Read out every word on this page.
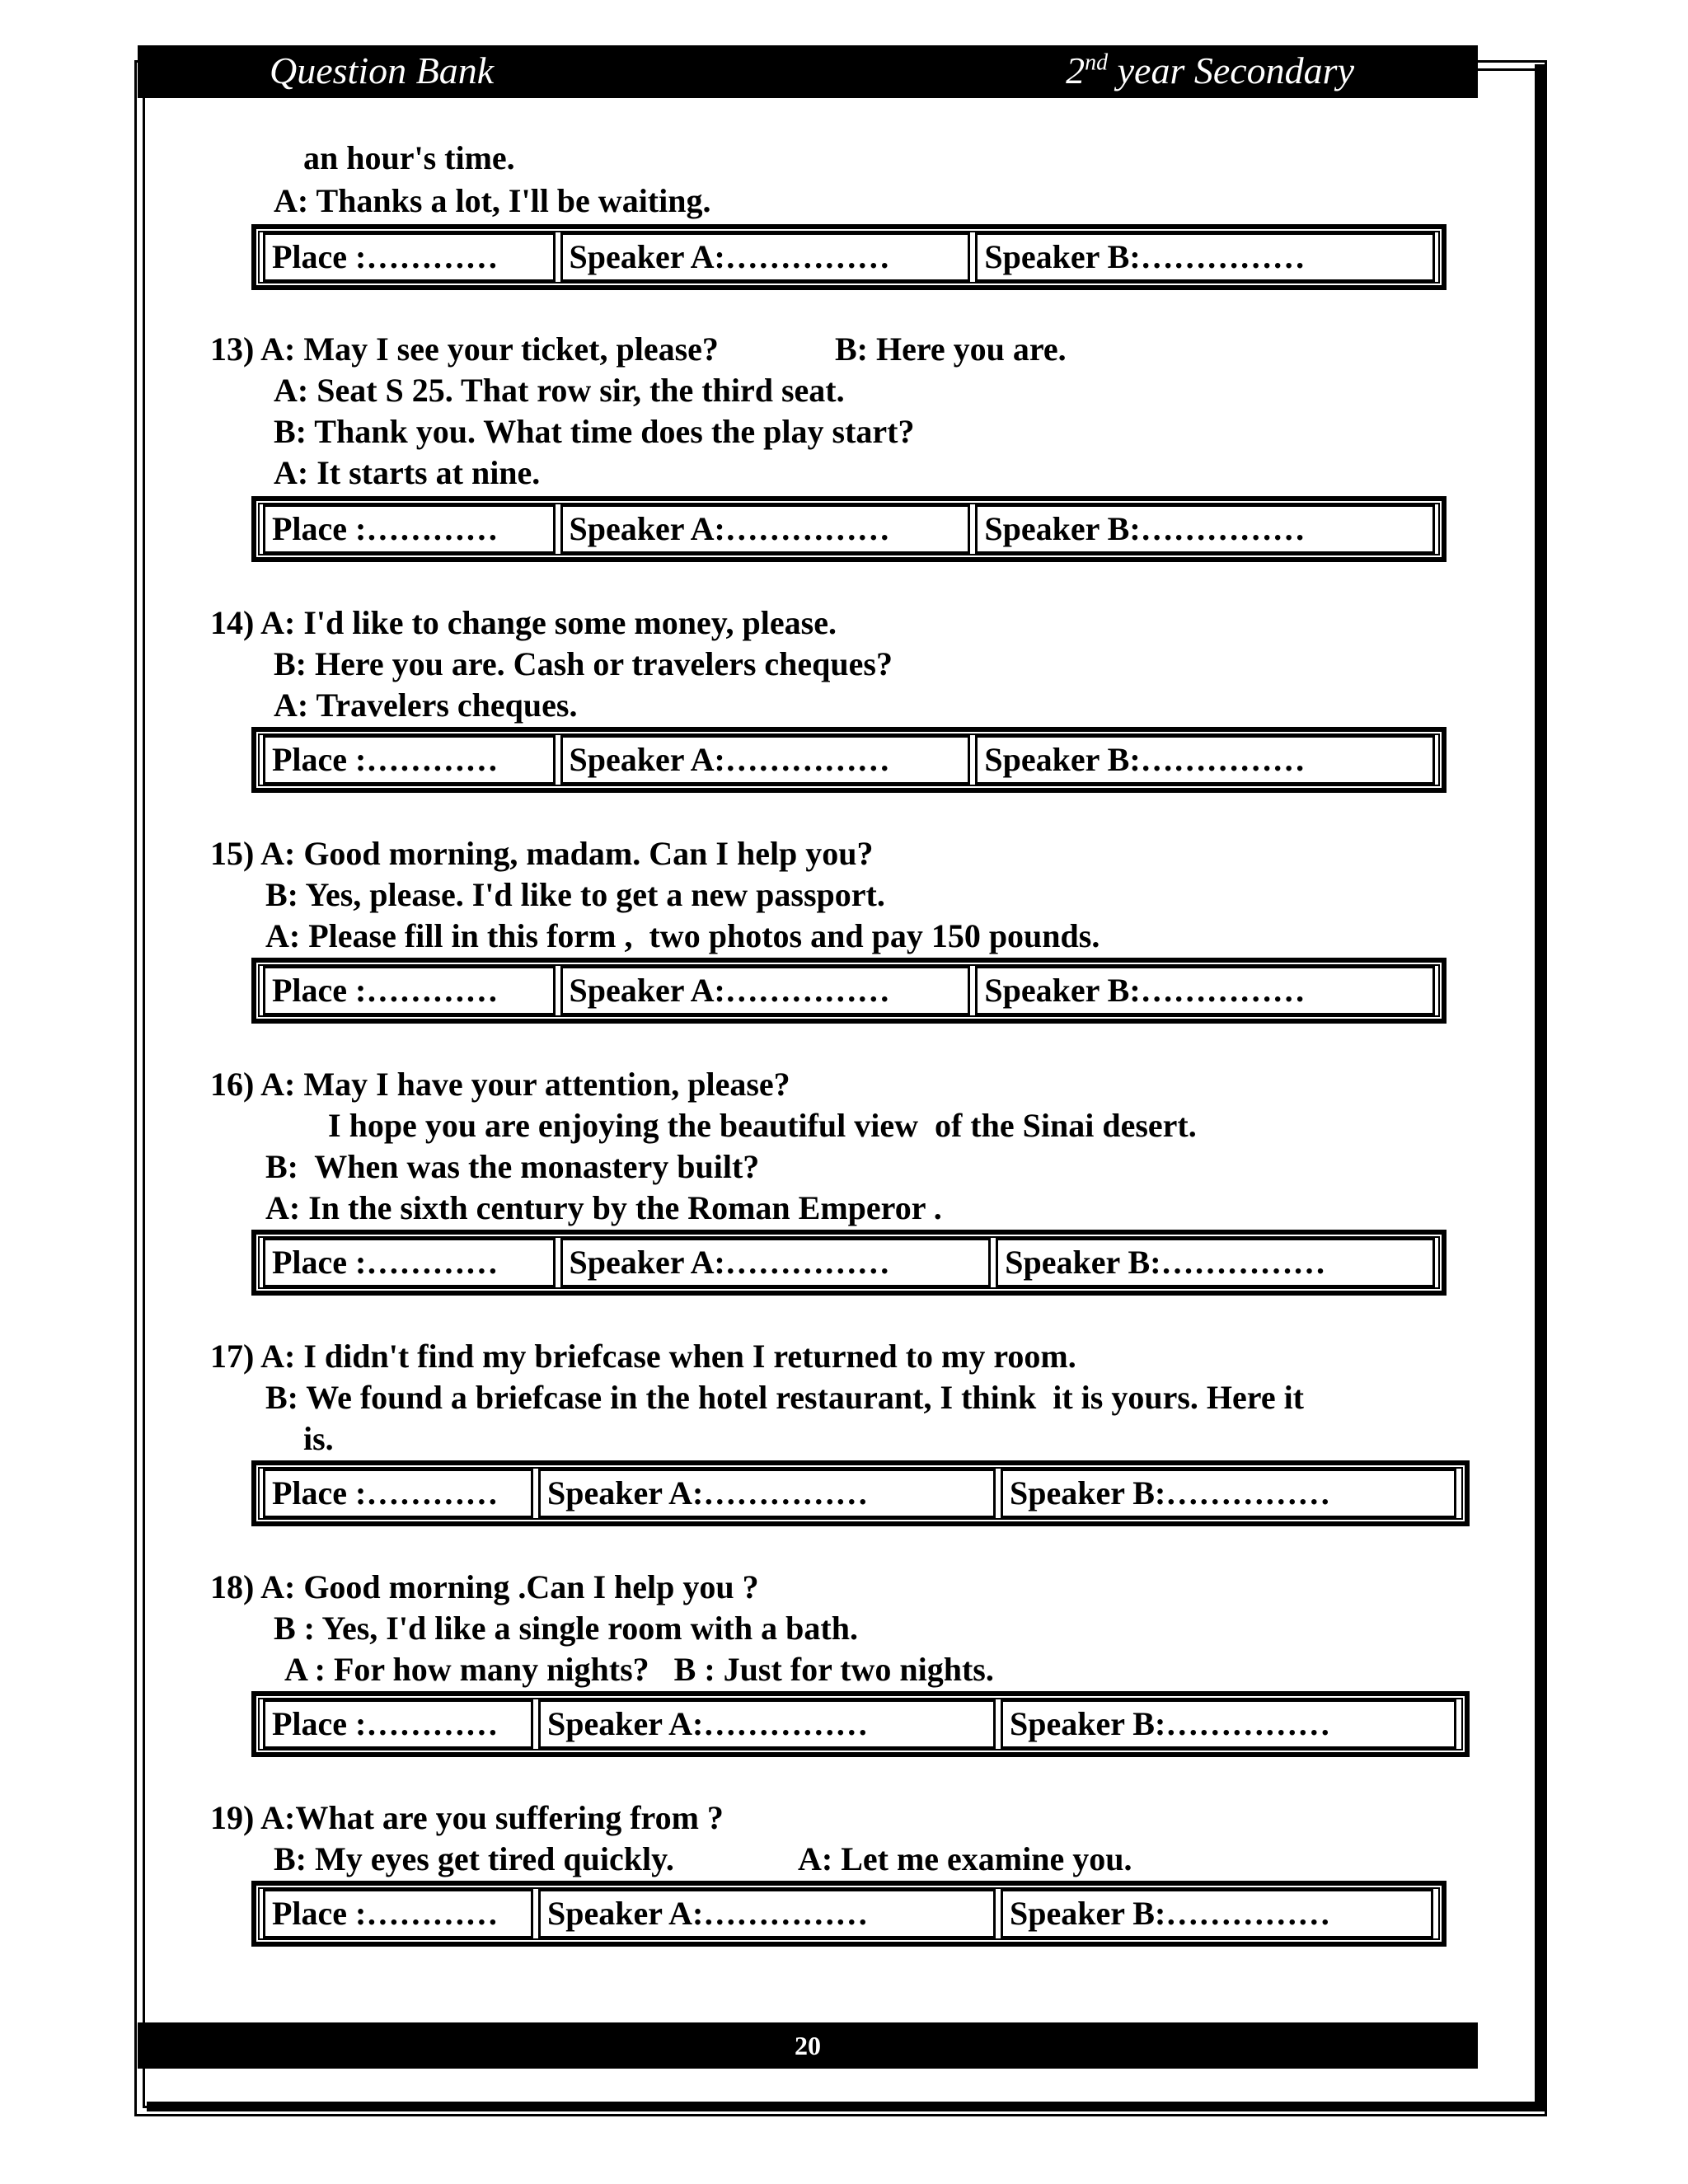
Question Bank	2nd year Secondary
an hour's time.
A: Thanks a lot, I'll be waiting.
Place :…………	Speaker A:……………	Speaker B:……………
13) A: May I see your ticket, please?	B: Here you are.
A: Seat S 25. That row sir, the third seat.
B: Thank you. What time does the play start?
A: It starts at nine.
Place :…………	Speaker A:……………	Speaker B:……………
14) A: I'd like to change some money, please.
B: Here you are. Cash or travelers cheques?
A: Travelers cheques.
Place :…………	Speaker A:……………	Speaker B:……………
15) A: Good morning, madam. Can I help you?
B: Yes, please. I'd like to get a new passport.
A: Please fill in this form ,  two photos and pay 150 pounds.
Place :…………	Speaker A:……………	Speaker B:……………
16) A: May I have your attention, please?
I hope you are enjoying the beautiful view  of the Sinai desert.
B:  When was the monastery built?
A: In the sixth century by the Roman Emperor .
Place :…………	Speaker A:……………	Speaker B:……………
17) A: I didn't find my briefcase when I returned to my room.
B: We found a briefcase in the hotel restaurant, I think  it is yours. Here it
is.
Place :…………	Speaker A:……………	Speaker B:……………
18) A: Good morning .Can I help you ?
B : Yes, I'd like a single room with a bath.
A : For how many nights?   B : Just for two nights.
Place :…………	Speaker A:……………	Speaker B:……………
19) A:What are you suffering from ?
B: My eyes get tired quickly.	A: Let me examine you.
Place :…………	Speaker A:……………	Speaker B:……………
20
